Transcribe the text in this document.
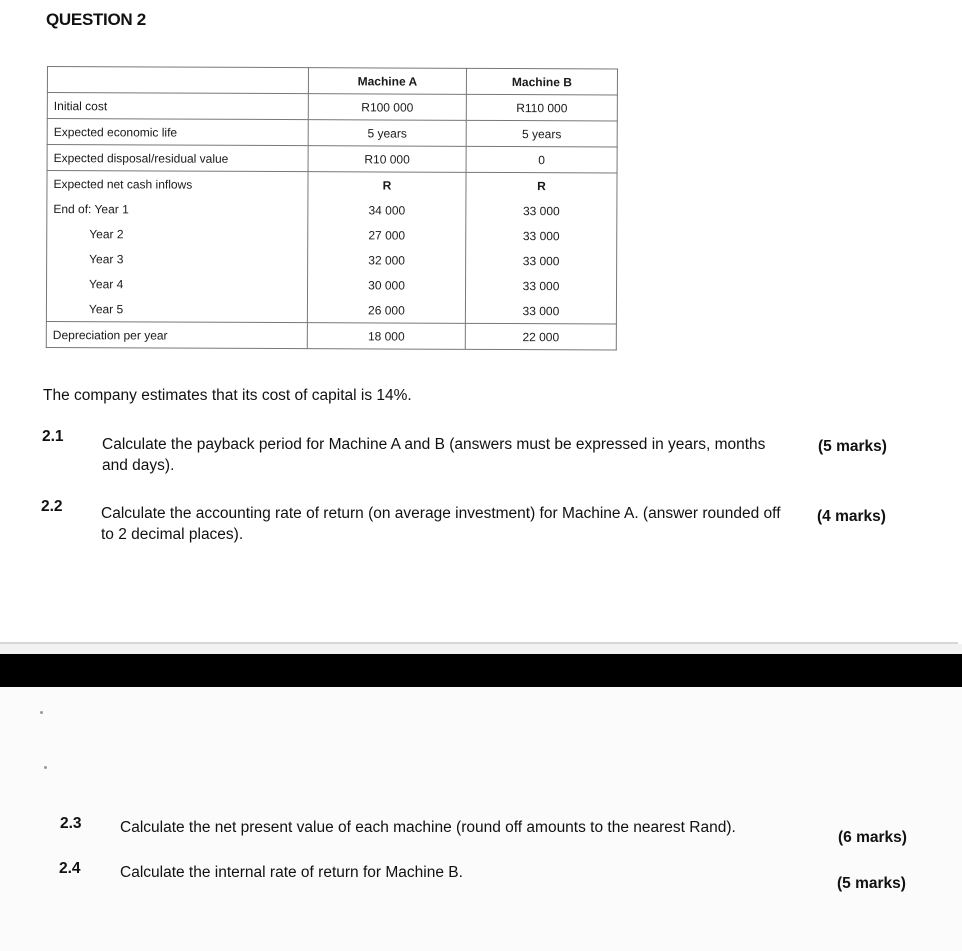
QUESTION 2
	Machine A	Machine B
Initial cost	R100 000	R110 000
Expected economic life	5 years	5 years
Expected disposal/residual value	R10 000	0
Expected net cash inflows	R	R
End of: Year 1	34 000	33 000
Year 2	27 000	33 000
Year 3	32 000	33 000
Year 4	30 000	33 000
Year 5	26 000	33 000
Depreciation per year	18 000	22 000
The company estimates that its cost of capital is 14%.
2.1 Calculate the payback period for Machine A and B (answers must be expressed in years, months and days).
(5 marks)
2.2 Calculate the accounting rate of return (on average investment) for Machine A. (answer rounded off to 2 decimal places).
(4 marks)
2.3 Calculate the net present value of each machine (round off amounts to the nearest Rand).
(6 marks)
2.4	Calculate the internal rate of return for Machine B.
(5 marks)
